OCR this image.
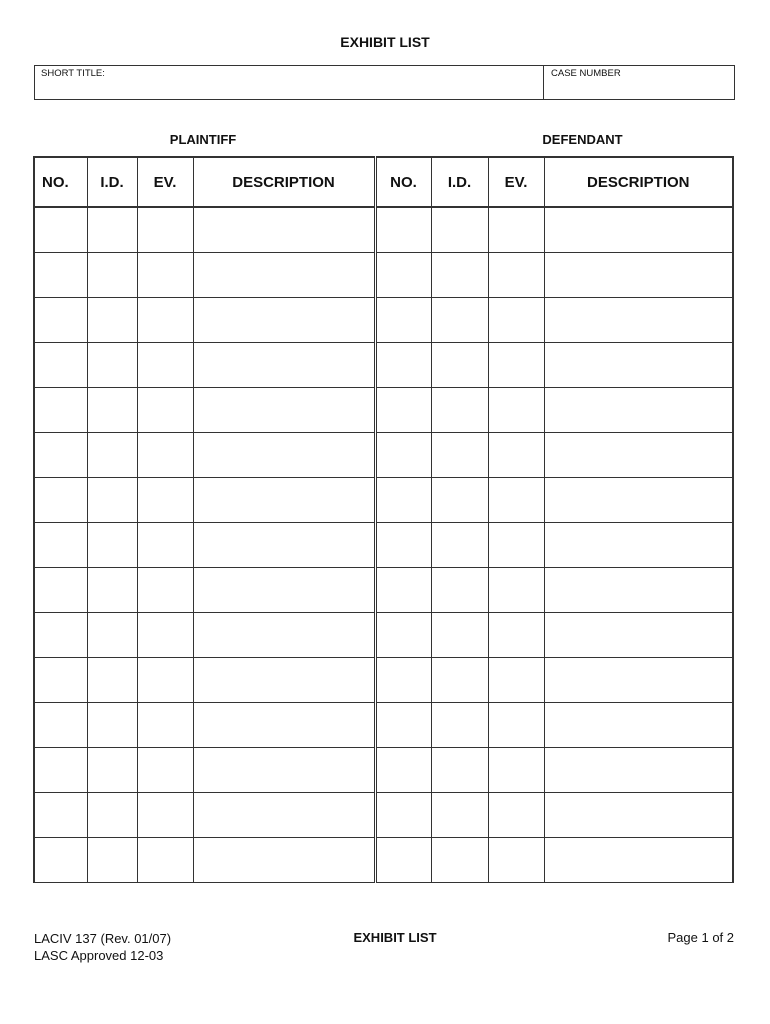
EXHIBIT LIST
SHORT TITLE:	CASE NUMBER
PLAINTIFF	DEFENDANT
NO.	I.D.	EV.	DESCRIPTION	NO.	I.D.	EV.	DESCRIPTION

LACIV 137 (Rev. 01/07)
LASC Approved 12-03
EXHIBIT LIST	Page 1 of 2
